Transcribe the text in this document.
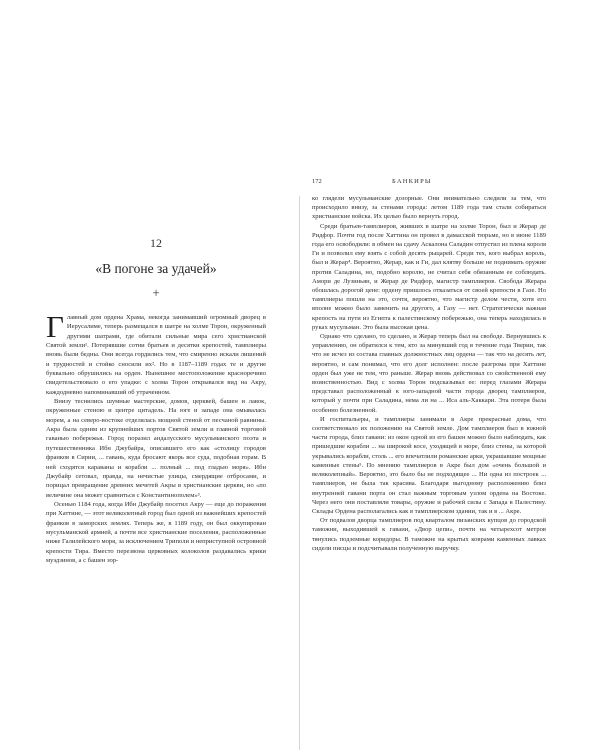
12
«В погоне за удачей»
+

Главный дом ордена Храма, некогда занимавший огромный дворец в Иерусалиме, теперь размещался в шатре на холме Торон, окруженный другими шатрами, где обитали сильные мира сего христианской Святой земли¹. Потерявшие сотни братьев и десятки крепостей, тамплиеры вновь были бедны. Они всегда гордились тем, что смиренно искали лишений и трудностей и стойко сносили их². Но в 1187–1189 годах те и другие буквально обрушились на орден. Нынешнее местоположение красноречиво свидетельствовало о его упадке: с холма Торон открывался вид на Акру, каждодневно напоминавший об утраченном.

Внизу теснились шумные мастерские, домов, церквей, башен и лавок, окруженные стеною и центре цитадель. На юге и западе она омывалась морем, а на северо-востоке отделялась мощной стеной от песчаной равнины. Акра была одним из крупнейших портов Святой земли и главной торговой гаванью побережья. Город поразил андалусского мусульманского поэта и путешественника Ибн Джубайра, описавшего его как «столицу городов франков в Сирии, ... гавань, куда бросают якорь все суда, подобная горам. В ней сходятся караваны и корабли ... полный ... под гладью моря». Ибн Джубайр сетовал, правда, на нечистые улицы, смердящие отбросами, и порицал превращение древних мечетей Акры в христианские церкви, но «по величине она может сравниться с Константинополем»³.

Осенью 1184 года, когда Ибн Джубайр посетил Акру — еще до поражения при Хаттине, — этот великолепный город был одной из важнейших крепостей франков в заморских землях. Теперь же, в 1189 году, он был оккупирован мусульманской армией, а почти все христианские поселения, расположенные ниже Галилейского моря, за исключением Триполи и неприступной островной крепости Тира. Вместо перезвона церковных колоколов раздавались крики муэдзинов, а с башен зор-

172	БАНКИРЫ

ко глядели мусульманские дозорные. Они внимательно следили за тем, что происходило внизу, за стенами города: летом 1189 года там стали собираться христианские войска. Их целью было вернуть город.

Среди братьев-тамплиеров, живших в шатре на холме Торон, был и Жерар де Ридфор. Почти год после Хаттина он провел в дамасской тюрьме, но в июне 1189 года его освободили: в обмен на сдачу Аскалона Саладин отпустил из плена короля Ги и позволил ему взять с собой десять рыцарей. Среди тех, кого выбрал король, был и Жерар⁴. Вероятно, Жерар, как и Ги, дал клятву больше не поднимать оружие против Саладина, но, подобно королю, не считал себя обязанным ее соблюдать. Амори де Лузиньян, и Жерар де Ридфор, магистр тамплиеров. Свобода Жерара обошлась дорогой цене: ордену пришлось отказаться от своей крепости в Газе. Но тамплиеры пошли на это, сочтя, вероятно, что магистр делом чести, хотя его вполне можно было заменить на другого, а Газу — нет. Стратегически важная крепость на пути из Египта к палестинскому побережью, она теперь находилась в руках мусульман. Это была высокая цена.

Однако что сделано, то сделано, и Жерар теперь был на свободе. Вернувшись к управлению, он обратился к тем, кто за минувший год в течение года Тверии, так что не исчез из состава главных должностных лиц ордена — так что на десять лет, вероятно, и сам понимал, что его долг исполнен: после разгрома при Хаттине орден был уже не тем, что раньше. Жерар вновь действовал со свойственной ему воинственностью. Вид с холма Торон подсказывал ее: перед глазами Жерара представал расположенный к юго-западной части города дворец тамплиеров, который у почти при Саладина, нема ли на ... Иса аль-Хаккари. Эта потеря была особенно болезненной.

И госпитальеры, и тамплиеры занимали в Акре прекрасные дома, что соответствовало их положению на Святой земле. Дом тамплиеров был в южной части города, близ гавани: из окон одной из его башен можно было наблюдать, как пришедшие корабли ... на широкой косе, уходящей в море, близ стены, за которой укрывались корабли, столь ... его впечатлили романские арки, украшавшие мощные каменные стены⁵. По мнению тамплиеров в Акре был дом «очень большой и великолепный». Вероятно, это было бы не подходящее ... Ни одна из построек ... тамплиеров, не была так красива. Благодаря выгодному расположению близ внутренней гавани порта он стал важным торговым узлом ордена на Востоке. Через него они поставляли товары, оружие и рабочей силы с Запада в Палестину. Склады Ордена располагались как в тамплиерском здании, так и в ... Акре.

От подвалов дворца тамплиеров под кварталом пизанских купцов до городской таможни, выходившей к гавани, «Двор цепи», почти на четырехсот метров тянулись подземные коридоры. В таможне на крытых коврами каменных лавках сидели писцы и подсчитывали полученную выручку.
